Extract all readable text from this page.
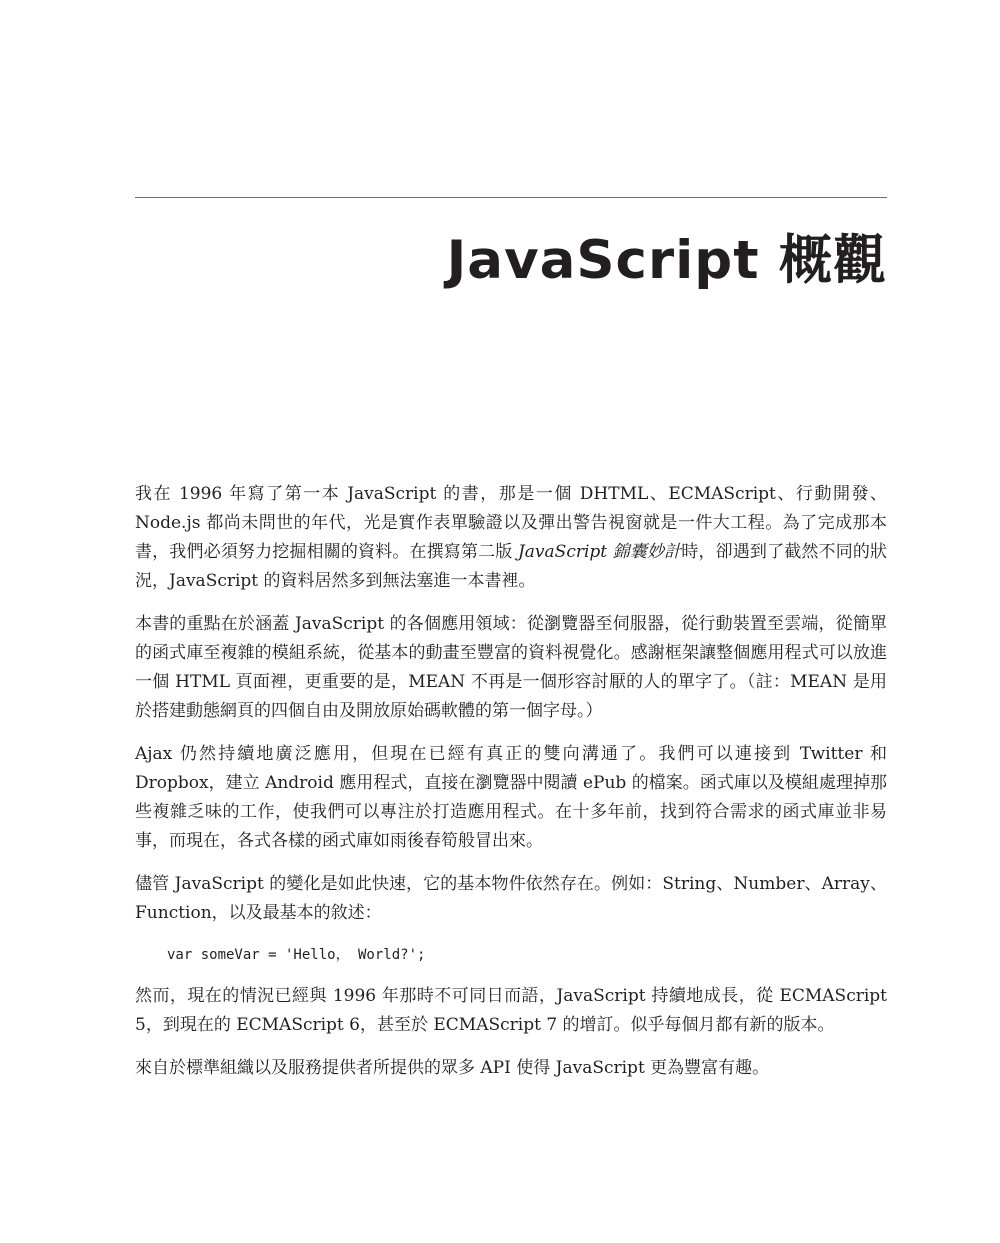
JavaScript 概觀

我在 1996 年寫了第一本 JavaScript 的書，那是一個 DHTML、ECMAScript、行動開發、Node.js 都尚未問世的年代，光是實作表單驗證以及彈出警告視窗就是一件大工程。為了完成那本書，我們必須努力挖掘相關的資料。在撰寫第二版 JavaScript 錦囊妙計時，卻遇到了截然不同的狀況，JavaScript 的資料居然多到無法塞進一本書裡。

本書的重點在於涵蓋 JavaScript 的各個應用領域：從瀏覽器至伺服器，從行動裝置至雲端，從簡單的函式庫至複雜的模組系統，從基本的動畫至豐富的資料視覺化。感謝框架讓整個應用程式可以放進一個 HTML 頁面裡，更重要的是，MEAN 不再是一個形容討厭的人的單字了。（註：MEAN 是用於搭建動態網頁的四個自由及開放原始碼軟體的第一個字母。）

Ajax 仍然持續地廣泛應用，但現在已經有真正的雙向溝通了。我們可以連接到 Twitter 和 Dropbox，建立 Android 應用程式，直接在瀏覽器中閱讀 ePub 的檔案。函式庫以及模組處理掉那些複雜乏味的工作，使我們可以專注於打造應用程式。在十多年前，找到符合需求的函式庫並非易事，而現在，各式各樣的函式庫如雨後春筍般冒出來。

儘管 JavaScript 的變化是如此快速，它的基本物件依然存在。例如：String、Number、Array、Function，以及最基本的敘述：

var someVar = 'Hello， World?';

然而，現在的情況已經與 1996 年那時不可同日而語，JavaScript 持續地成長，從 ECMAScript 5，到現在的 ECMAScript 6，甚至於 ECMAScript 7 的增訂。似乎每個月都有新的版本。

來自於標準組織以及服務提供者所提供的眾多 API 使得 JavaScript 更為豐富有趣。
